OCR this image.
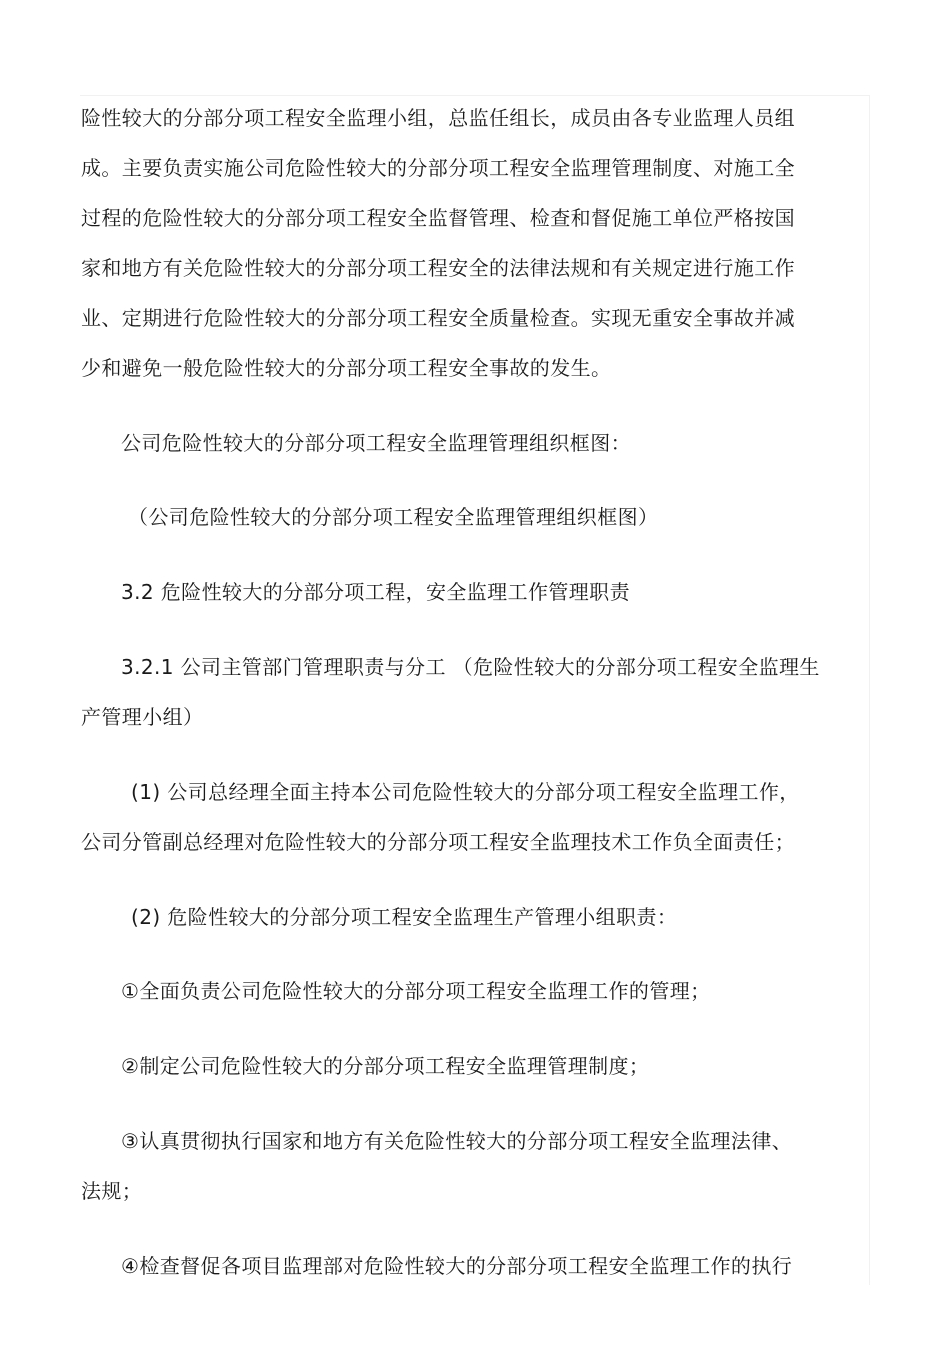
险性较大的分部分项工程安全监理小组，总监任组长，成员由各专业监理人员组

成。主要负责实施公司危险性较大的分部分项工程安全监理管理制度、对施工全

过程的危险性较大的分部分项工程安全监督管理、检查和督促施工单位严格按国

家和地方有关危险性较大的分部分项工程安全的法律法规和有关规定进行施工作

业、定期进行危险性较大的分部分项工程安全质量检查。实现无重安全事故并减

少和避免一般危险性较大的分部分项工程安全事故的发生。

公司危险性较大的分部分项工程安全监理管理组织框图：

（公司危险性较大的分部分项工程安全监理管理组织框图）

3.2 危险性较大的分部分项工程，安全监理工作管理职责

3.2.1 公司主管部门管理职责与分工 （危险性较大的分部分项工程安全监理生

产管理小组）

(1) 公司总经理全面主持本公司危险性较大的分部分项工程安全监理工作，

公司分管副总经理对危险性较大的分部分项工程安全监理技术工作负全面责任；

(2) 危险性较大的分部分项工程安全监理生产管理小组职责：

①全面负责公司危险性较大的分部分项工程安全监理工作的管理；

②制定公司危险性较大的分部分项工程安全监理管理制度；

③认真贯彻执行国家和地方有关危险性较大的分部分项工程安全监理法律、

法规；

④检查督促各项目监理部对危险性较大的分部分项工程安全监理工作的执行
